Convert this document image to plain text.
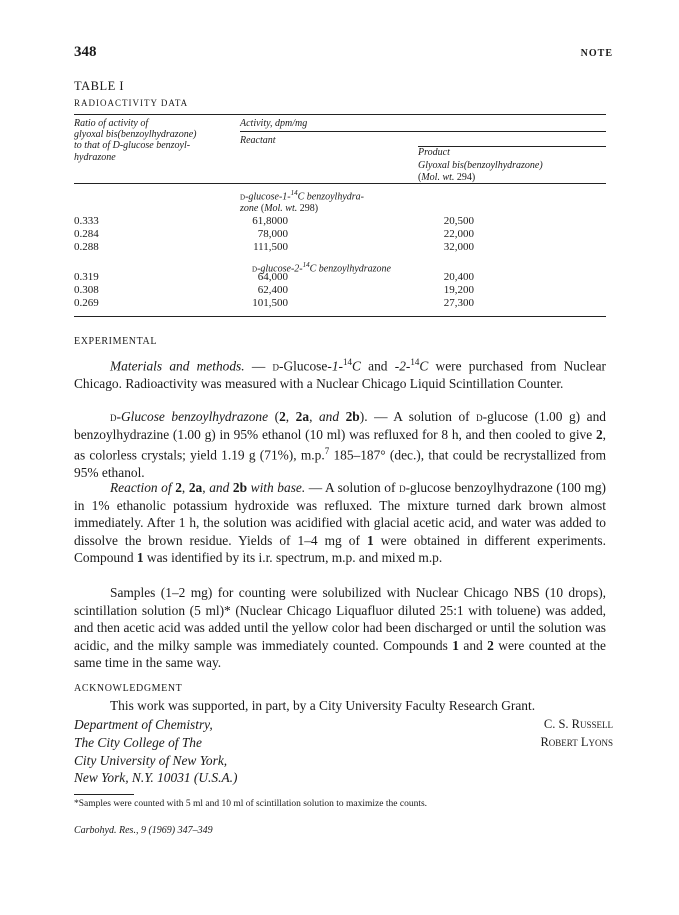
348	NOTE
TABLE I
RADIOACTIVITY DATA
Ratio of activity of
glyoxal bis(benzoylhydrazone)
to that of D-glucose benzoyl-
hydrazone
Activity, dpm/mg
Reactant
Product
Glyoxal bis(benzoylhydrazone)
(Mol. wt. 294)
d-glucose-1-$^{14}$C benzoylhydra-
zone (Mol. wt. 298)
0.333	61,8000	20,500
0.284	78,000	22,000
0.288	111,500	32,000
d-glucose-2-$^{14}$C benzoylhydrazone
0.319	64,000	20,400
0.308	62,400	19,200
0.269	101,500	27,300
EXPERIMENTAL
Materials and methods. — d-Glucose-1-$^{14}$C and -2-$^{14}$C were purchased from Nuclear Chicago. Radioactivity was measured with a Nuclear Chicago Liquid Scintillation Counter.
d-Glucose benzoylhydrazone (2, 2a, and 2b). — A solution of d-glucose (1.00 g) and benzoylhydrazine (1.00 g) in 95% ethanol (10 ml) was refluxed for 8 h, and then cooled to give 2, as colorless crystals; yield 1.19 g (71%), m.p.$^7$ 185–187° (dec.), that could be recrystallized from 95% ethanol.
Reaction of 2, 2a, and 2b with base. — A solution of d-glucose benzoylhydrazone (100 mg) in 1% ethanolic potassium hydroxide was refluxed. The mixture turned dark brown almost immediately. After 1 h, the solution was acidified with glacial acetic acid, and water was added to dissolve the brown residue. Yields of 1–4 mg of 1 were obtained in different experiments. Compound 1 was identified by its i.r. spectrum, m.p. and mixed m.p.
Samples (1–2 mg) for counting were solubilized with Nuclear Chicago NBS (10 drops), scintillation solution (5 ml)* (Nuclear Chicago Liquafluor diluted 25:1 with toluene) was added, and then acetic acid was added until the yellow color had been discharged or until the solution was acidic, and the milky sample was immediately counted. Compounds 1 and 2 were counted at the same time in the same way.
ACKNOWLEDGMENT
This work was supported, in part, by a City University Faculty Research Grant.
Department of Chemistry,
The City College of The
City University of New York,
New York, N.Y. 10031 (U.S.A.)
C. S. Russell
Robert Lyons
*Samples were counted with 5 ml and 10 ml of scintillation solution to maximize the counts.
Carbohyd. Res., 9 (1969) 347–349
